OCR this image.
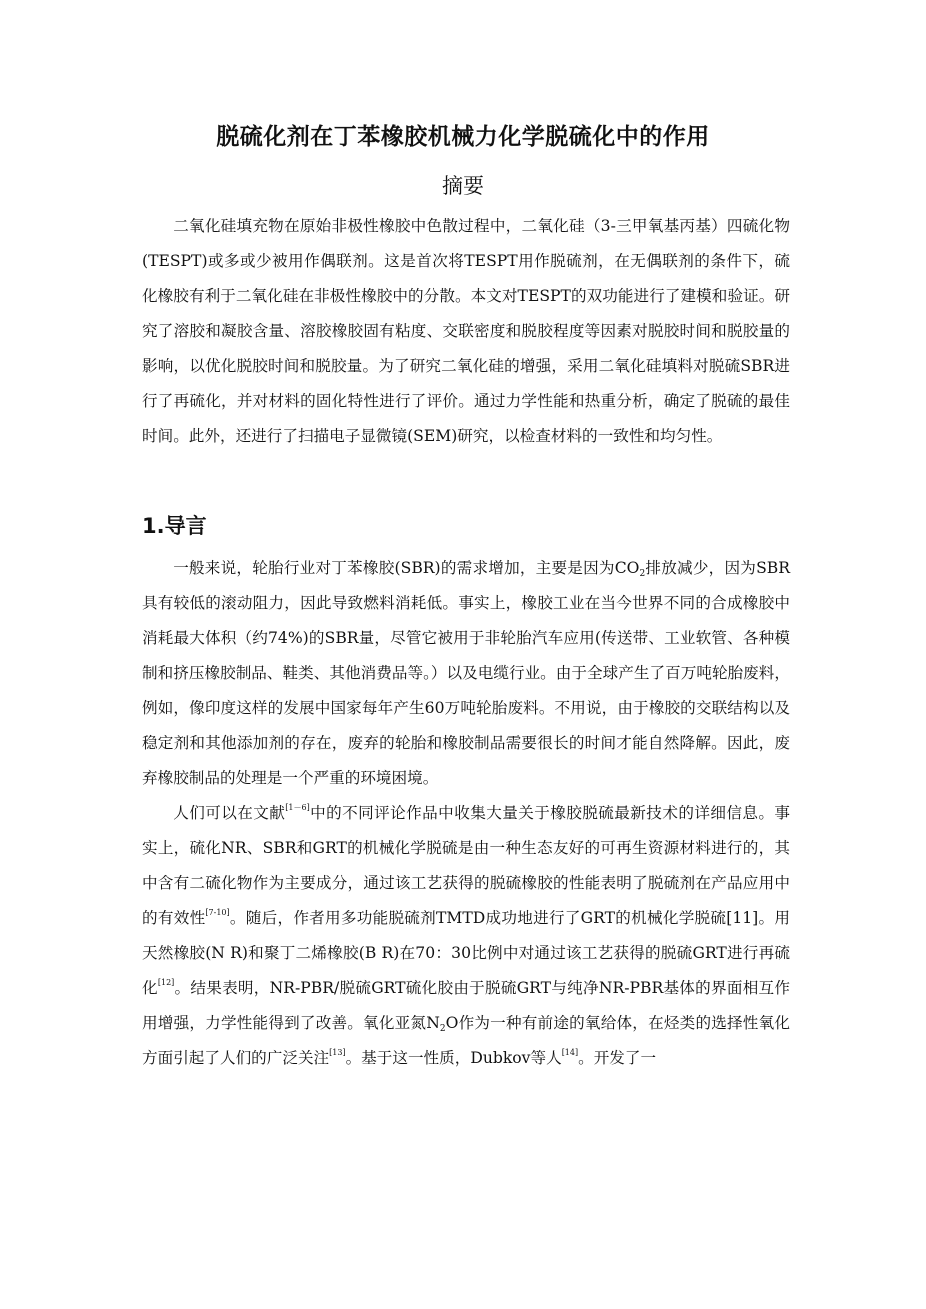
脱硫化剂在丁苯橡胶机械力化学脱硫化中的作用
摘要

二氧化硅填充物在原始非极性橡胶中色散过程中，二氧化硅（3-三甲氧基丙基）四硫化物(TESPT)或多或少被用作偶联剂。这是首次将TESPT用作脱硫剂，在无偶联剂的条件下，硫化橡胶有利于二氧化硅在非极性橡胶中的分散。本文对TESPT的双功能进行了建模和验证。研究了溶胶和凝胶含量、溶胶橡胶固有粘度、交联密度和脱胶程度等因素对脱胶时间和脱胶量的影响，以优化脱胶时间和脱胶量。为了研究二氧化硅的增强，采用二氧化硅填料对脱硫SBR进行了再硫化，并对材料的固化特性进行了评价。通过力学性能和热重分析，确定了脱硫的最佳时间。此外，还进行了扫描电子显微镜(SEM)研究，以检查材料的一致性和均匀性。

1.导言

一般来说，轮胎行业对丁苯橡胶(SBR)的需求增加，主要是因为$CO_2$排放减少，因为SBR具有较低的滚动阻力，因此导致燃料消耗低。事实上，橡胶工业在当今世界不同的合成橡胶中消耗最大体积（约74%)的SBR量，尽管它被用于非轮胎汽车应用(传送带、工业软管、各种模制和挤压橡胶制品、鞋类、其他消费品等。）以及电缆行业。由于全球产生了百万吨轮胎废料，例如，像印度这样的发展中国家每年产生60万吨轮胎废料。不用说，由于橡胶的交联结构以及稳定剂和其他添加剂的存在，废弃的轮胎和橡胶制品需要很长的时间才能自然降解。因此，废弃橡胶制品的处理是一个严重的环境困境。

人们可以在文献[1－6]中的不同评论作品中收集大量关于橡胶脱硫最新技术的详细信息。事实上，硫化NR、SBR和GRT的机械化学脱硫是由一种生态友好的可再生资源材料进行的，其中含有二硫化物作为主要成分，通过该工艺获得的脱硫橡胶的性能表明了脱硫剂在产品应用中的有效性[7-10]。随后，作者用多功能脱硫剂TMTD成功地进行了GRT的机械化学脱硫[11]。用天然橡胶(N R)和聚丁二烯橡胶(B R)在70：30比例中对通过该工艺获得的脱硫GRT进行再硫化[12]。结果表明，NR-PBR/脱硫GRT硫化胶由于脱硫GRT与纯净NR-PBR基体的界面相互作用增强，力学性能得到了改善。氧化亚氮$N_2O$作为一种有前途的氧给体，在烃类的选择性氧化方面引起了人们的广泛关注[13]。基于这一性质，Dubkov等人[14]。开发了一
